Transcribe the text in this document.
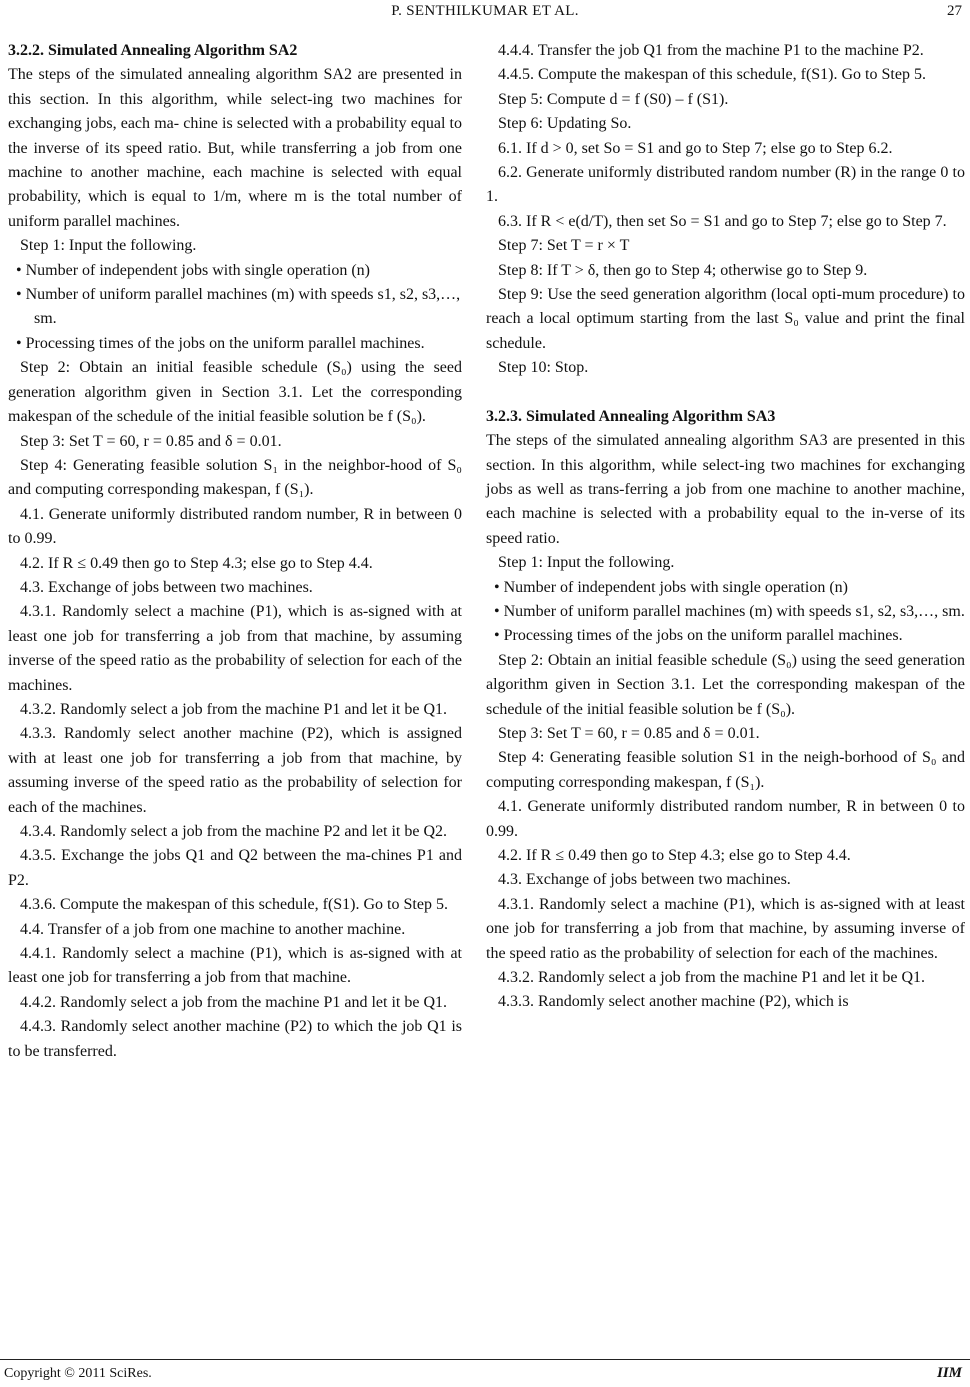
P. SENTHILKUMAR ET AL.	27

3.2.2. Simulated Annealing Algorithm SA2

The steps of the simulated annealing algorithm SA2 are presented in this section. In this algorithm, while select-ing two machines for exchanging jobs, each ma- chine is selected with a probability equal to the inverse of its speed ratio. But, while transferring a job from one machine to another machine, each machine is selected with equal probability, which is equal to 1/m, where m is the total number of uniform parallel machines.

Step 1: Input the following.

• Number of independent jobs with single operation (n)

• Number of uniform parallel machines (m) with speeds s1, s2, s3,…, sm.

• Processing times of the jobs on the uniform parallel machines.

Step 2: Obtain an initial feasible schedule (S₀) using the seed generation algorithm given in Section 3.1. Let the corresponding makespan of the schedule of the initial feasible solution be f (S₀).

Step 3: Set T = 60, r = 0.85 and δ = 0.01.

Step 4: Generating feasible solution S₁ in the neighbor-hood of S₀ and computing corresponding makespan, f (S₁).

4.1. Generate uniformly distributed random number, R in between 0 to 0.99.

4.2. If R ≤ 0.49 then go to Step 4.3; else go to Step 4.4.

4.3. Exchange of jobs between two machines.

4.3.1. Randomly select a machine (P1), which is as-signed with at least one job for transferring a job from that machine, by assuming inverse of the speed ratio as the probability of selection for each of the machines.

4.3.2. Randomly select a job from the machine P1 and let it be Q1.

4.3.3. Randomly select another machine (P2), which is assigned with at least one job for transferring a job from that machine, by assuming inverse of the speed ratio as the probability of selection for each of the machines.

4.3.4. Randomly select a job from the machine P2 and let it be Q2.

4.3.5. Exchange the jobs Q1 and Q2 between the ma-chines P1 and P2.

4.3.6. Compute the makespan of this schedule, f(S1). Go to Step 5.

4.4. Transfer of a job from one machine to another machine.

4.4.1. Randomly select a machine (P1), which is as-signed with at least one job for transferring a job from that machine.

4.4.2. Randomly select a job from the machine P1 and let it be Q1.

4.4.3. Randomly select another machine (P2) to which the job Q1 is to be transferred.

4.4.4. Transfer the job Q1 from the machine P1 to the machine P2.

4.4.5. Compute the makespan of this schedule, f(S1). Go to Step 5.

Step 5: Compute d = f (S0) – f (S1).

Step 6: Updating So.

6.1. If d > 0, set So = S1 and go to Step 7; else go to Step 6.2.

6.2. Generate uniformly distributed random number (R) in the range 0 to 1.

6.3. If R < e(d/T), then set So = S1 and go to Step 7; else go to Step 7.

Step 7: Set T = r × T

Step 8: If T > δ, then go to Step 4; otherwise go to Step 9.

Step 9: Use the seed generation algorithm (local opti-mum procedure) to reach a local optimum starting from the last S₀ value and print the final schedule.

Step 10: Stop.

3.2.3. Simulated Annealing Algorithm SA3

The steps of the simulated annealing algorithm SA3 are presented in this section. In this algorithm, while select-ing two machines for exchanging jobs as well as trans-ferring a job from one machine to another machine, each machine is selected with a probability equal to the in-verse of its speed ratio.

Step 1: Input the following.

• Number of independent jobs with single operation (n)

• Number of uniform parallel machines (m) with speeds s1, s2, s3,…, sm.

• Processing times of the jobs on the uniform parallel machines.

Step 2: Obtain an initial feasible schedule (S₀) using the seed generation algorithm given in Section 3.1. Let the corresponding makespan of the schedule of the initial feasible solution be f (S₀).

Step 3: Set T = 60, r = 0.85 and δ = 0.01.

Step 4: Generating feasible solution S1 in the neigh-borhood of S₀ and computing corresponding makespan, f (S₁).

4.1. Generate uniformly distributed random number, R in between 0 to 0.99.

4.2. If R ≤ 0.49 then go to Step 4.3; else go to Step 4.4.

4.3. Exchange of jobs between two machines.

4.3.1. Randomly select a machine (P1), which is as-signed with at least one job for transferring a job from that machine, by assuming inverse of the speed ratio as the probability of selection for each of the machines.

4.3.2. Randomly select a job from the machine P1 and let it be Q1.

4.3.3. Randomly select another machine (P2), which is

Copyright © 2011 SciRes.	IIM
